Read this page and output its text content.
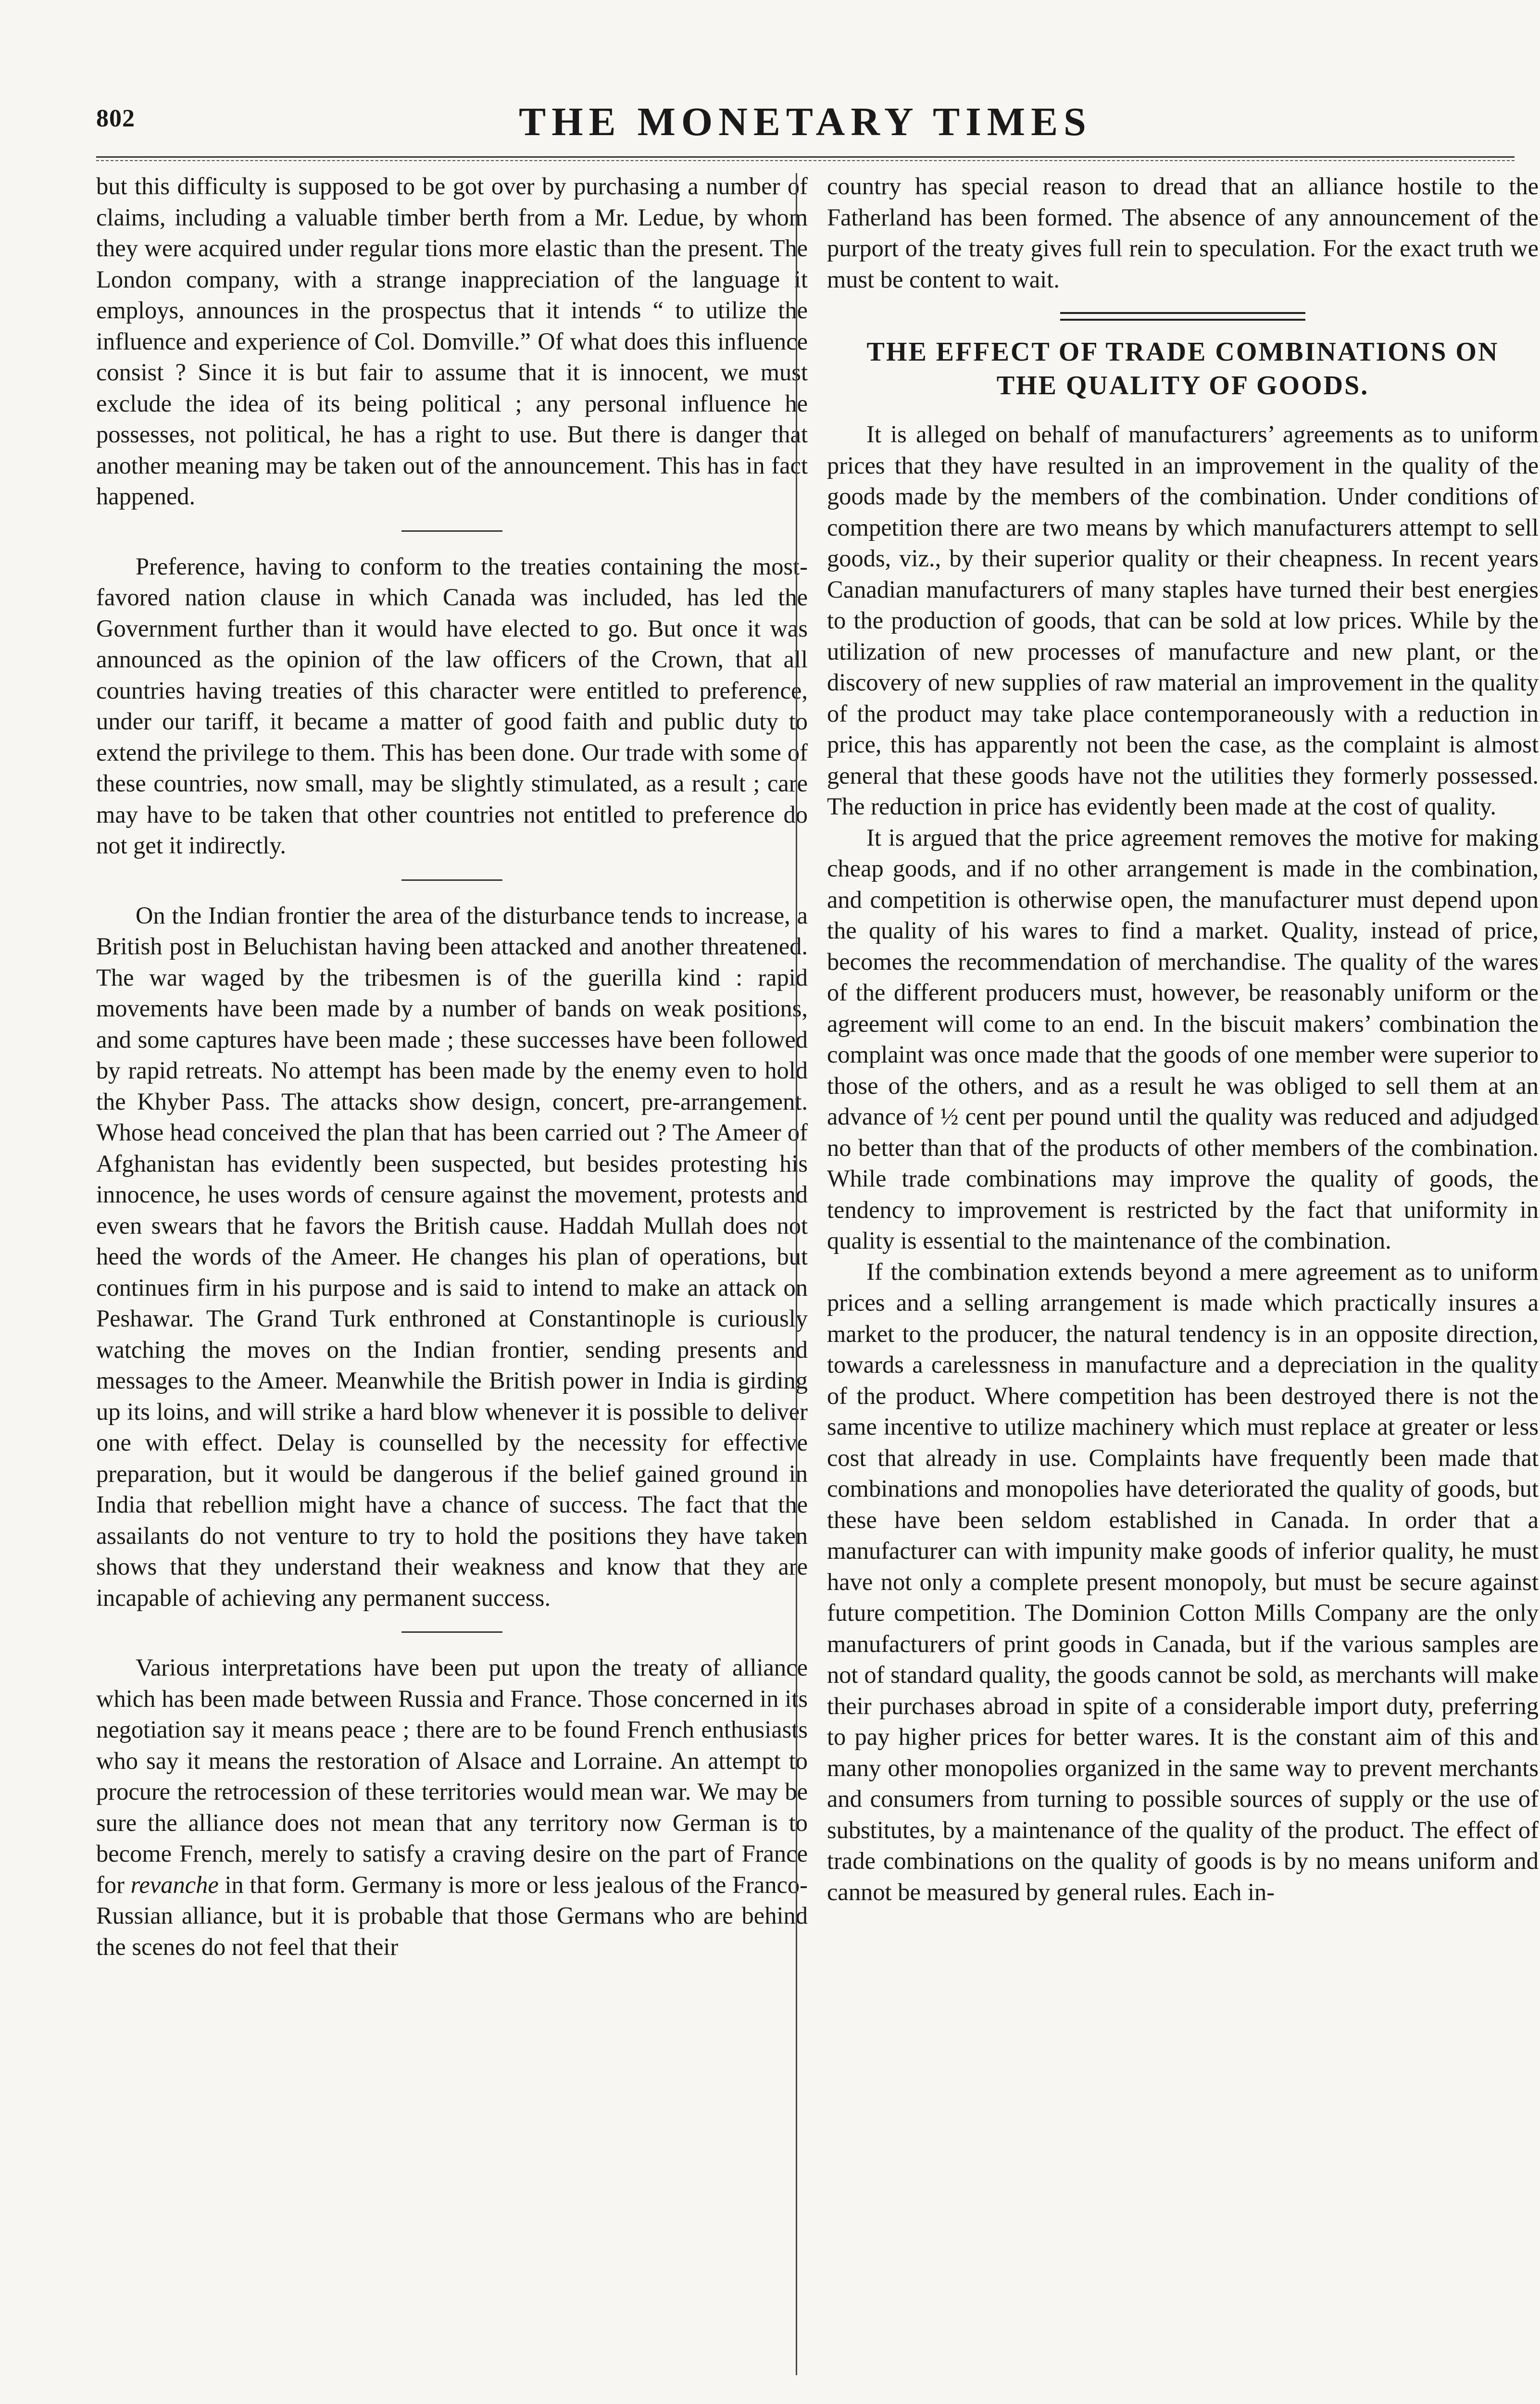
802	THE MONETARY TIMES

but this difficulty is supposed to be got over by purchasing a number of claims, including a valuable timber berth from a Mr. Ledue, by whom they were acquired under regular tions more elastic than the present. The London company, with a strange inappreciation of the language it employs, announces in the prospectus that it intends “ to utilize the influence and experience of Col. Domville.” Of what does this influence consist ? Since it is but fair to assume that it is innocent, we must exclude the idea of its being political ; any personal influence he possesses, not political, he has a right to use. But there is danger that another meaning may be taken out of the announcement. This has in fact happened.

Preference, having to conform to the treaties containing the most-favored nation clause in which Canada was included, has led the Government further than it would have elected to go. But once it was announced as the opinion of the law officers of the Crown, that all countries having treaties of this character were entitled to preference, under our tariff, it became a matter of good faith and public duty to extend the privilege to them. This has been done. Our trade with some of these countries, now small, may be slightly stimulated, as a result ; care may have to be taken that other countries not entitled to preference do not get it indirectly.

On the Indian frontier the area of the disturbance tends to increase, a British post in Beluchistan having been attacked and another threatened. The war waged by the tribesmen is of the guerilla kind : rapid movements have been made by a number of bands on weak positions, and some captures have been made ; these successes have been followed by rapid retreats. No attempt has been made by the enemy even to hold the Khyber Pass. The attacks show design, concert, pre-arrangement. Whose head conceived the plan that has been carried out ? The Ameer of Afghanistan has evidently been suspected, but besides protesting his innocence, he uses words of censure against the movement, protests and even swears that he favors the British cause. Haddah Mullah does not heed the words of the Ameer. He changes his plan of operations, but continues firm in his purpose and is said to intend to make an attack on Peshawar. The Grand Turk enthroned at Constantinople is curiously watching the moves on the Indian frontier, sending presents and messages to the Ameer. Meanwhile the British power in India is girding up its loins, and will strike a hard blow whenever it is possible to deliver one with effect. Delay is counselled by the necessity for effective preparation, but it would be dangerous if the belief gained ground in India that rebellion might have a chance of success. The fact that the assailants do not venture to try to hold the positions they have taken shows that they understand their weakness and know that they are incapable of achieving any permanent success.

Various interpretations have been put upon the treaty of alliance which has been made between Russia and France. Those concerned in its negotiation say it means peace ; there are to be found French enthusiasts who say it means the restoration of Alsace and Lorraine. An attempt to procure the retrocession of these territories would mean war. We may be sure the alliance does not mean that any territory now German is to become French, merely to satisfy a craving desire on the part of France for revanche in that form. Germany is more or less jealous of the Franco-Russian alliance, but it is probable that those Germans who are behind the scenes do not feel that their

country has special reason to dread that an alliance hostile to the Fatherland has been formed. The absence of any announcement of the purport of the treaty gives full rein to speculation. For the exact truth we must be content to wait.

THE EFFECT OF TRADE COMBINATIONS ON
THE QUALITY OF GOODS.

It is alleged on behalf of manufacturers’ agreements as to uniform prices that they have resulted in an improvement in the quality of the goods made by the members of the combination. Under conditions of competition there are two means by which manufacturers attempt to sell goods, viz., by their superior quality or their cheapness. In recent years Canadian manufacturers of many staples have turned their best energies to the production of goods, that can be sold at low prices. While by the utilization of new processes of manufacture and new plant, or the discovery of new supplies of raw material an improvement in the quality of the product may take place contemporaneously with a reduction in price, this has apparently not been the case, as the complaint is almost general that these goods have not the utilities they formerly possessed. The reduction in price has evidently been made at the cost of quality.

It is argued that the price agreement removes the motive for making cheap goods, and if no other arrangement is made in the combination, and competition is otherwise open, the manufacturer must depend upon the quality of his wares to find a market. Quality, instead of price, becomes the recommendation of merchandise. The quality of the wares of the different producers must, however, be reasonably uniform or the agreement will come to an end. In the biscuit makers’ combination the complaint was once made that the goods of one member were superior to those of the others, and as a result he was obliged to sell them at an advance of ½ cent per pound until the quality was reduced and adjudged no better than that of the products of other members of the combination. While trade combinations may improve the quality of goods, the tendency to improvement is restricted by the fact that uniformity in quality is essential to the maintenance of the combination.

If the combination extends beyond a mere agreement as to uniform prices and a selling arrangement is made which practically insures a market to the producer, the natural tendency is in an opposite direction, towards a carelessness in manufacture and a depreciation in the quality of the product. Where competition has been destroyed there is not the same incentive to utilize machinery which must replace at greater or less cost that already in use. Complaints have frequently been made that combinations and monopolies have deteriorated the quality of goods, but these have been seldom established in Canada. In order that a manufacturer can with impunity make goods of inferior quality, he must have not only a complete present monopoly, but must be secure against future competition. The Dominion Cotton Mills Company are the only manufacturers of print goods in Canada, but if the various samples are not of standard quality, the goods cannot be sold, as merchants will make their purchases abroad in spite of a considerable import duty, preferring to pay higher prices for better wares. It is the constant aim of this and many other monopolies organized in the same way to prevent merchants and consumers from turning to possible sources of supply or the use of substitutes, by a maintenance of the quality of the product. The effect of trade combinations on the quality of goods is by no means uniform and cannot be measured by general rules. Each in-
